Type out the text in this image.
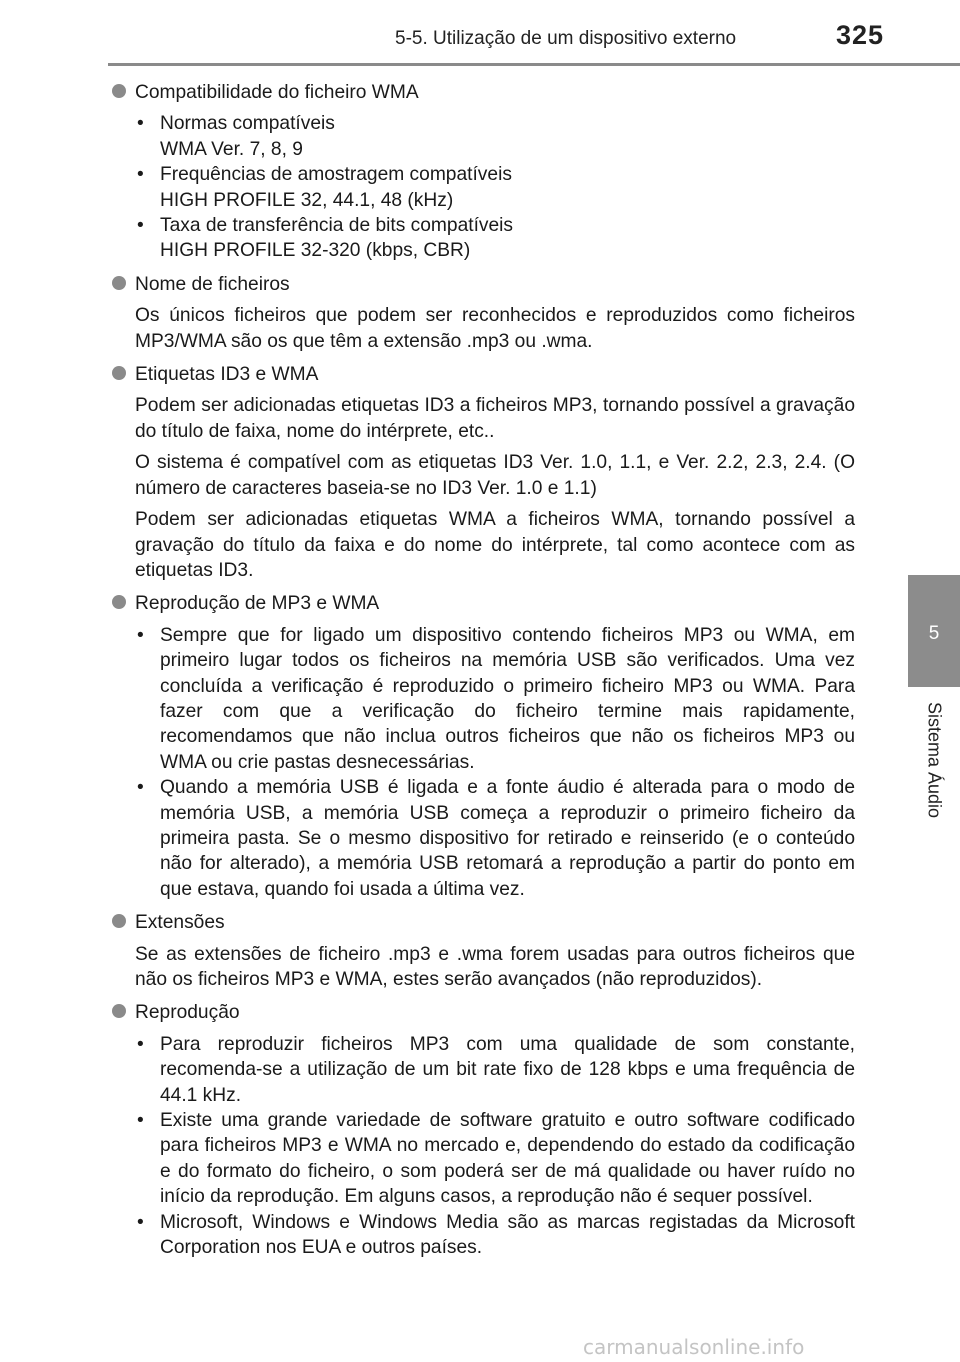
5-5. Utilização de um dispositivo externo	325
5
Sistema Áudio
Compatibilidade do ficheiro WMA
• Normas compatíveis
WMA Ver. 7, 8, 9
• Frequências de amostragem compatíveis
HIGH PROFILE 32, 44.1, 48 (kHz)
• Taxa de transferência de bits compatíveis
HIGH PROFILE 32-320 (kbps, CBR)
Nome de ficheiros

Os únicos ficheiros que podem ser reconhecidos e reproduzidos como ficheiros MP3/WMA são os que têm a extensão .mp3 ou .wma.

Etiquetas ID3 e WMA

Podem ser adicionadas etiquetas ID3 a ficheiros MP3, tornando possível a gravação do título de faixa, nome do intérprete, etc..

O sistema é compatível com as etiquetas ID3 Ver. 1.0, 1.1, e Ver. 2.2, 2.3, 2.4. (O número de caracteres baseia-se no ID3 Ver. 1.0 e 1.1)

Podem ser adicionadas etiquetas WMA a ficheiros WMA, tornando possível a gravação do título da faixa e do nome do intérprete, tal como acontece com as etiquetas ID3.

Reprodução de MP3 e WMA
• Sempre que for ligado um dispositivo contendo ficheiros MP3 ou WMA, em primeiro lugar todos os ficheiros na memória USB são verificados. Uma vez concluída a verificação é reproduzido o primeiro ficheiro MP3 ou WMA. Para fazer com que a verificação do ficheiro termine mais rapidamente, recomendamos que não inclua outros ficheiros que não os ficheiros MP3 ou WMA ou crie pastas desnecessárias.
• Quando a memória USB é ligada e a fonte áudio é alterada para o modo de memória USB, a memória USB começa a reproduzir o primeiro ficheiro da primeira pasta. Se o mesmo dispositivo for retirado e reinserido (e o conteúdo não for alterado), a memória USB retomará a reprodução a partir do ponto em que estava, quando foi usada a última vez.
Extensões

Se as extensões de ficheiro .mp3 e .wma forem usadas para outros ficheiros que não os ficheiros MP3 e WMA, estes serão avançados (não reproduzidos).

Reprodução
• Para reproduzir ficheiros MP3 com uma qualidade de som constante, recomenda-se a utilização de um bit rate fixo de 128 kbps e uma frequência de 44.1 kHz.
• Existe uma grande variedade de software gratuito e outro software codificado para ficheiros MP3 e WMA no mercado e, dependendo do estado da codificação e do formato do ficheiro, o som poderá ser de má qualidade ou haver ruído no início da reprodução. Em alguns casos, a reprodução não é sequer possível.
• Microsoft, Windows e Windows Media são as marcas registadas da Microsoft Corporation nos EUA e outros países.
carmanualsonline.info
